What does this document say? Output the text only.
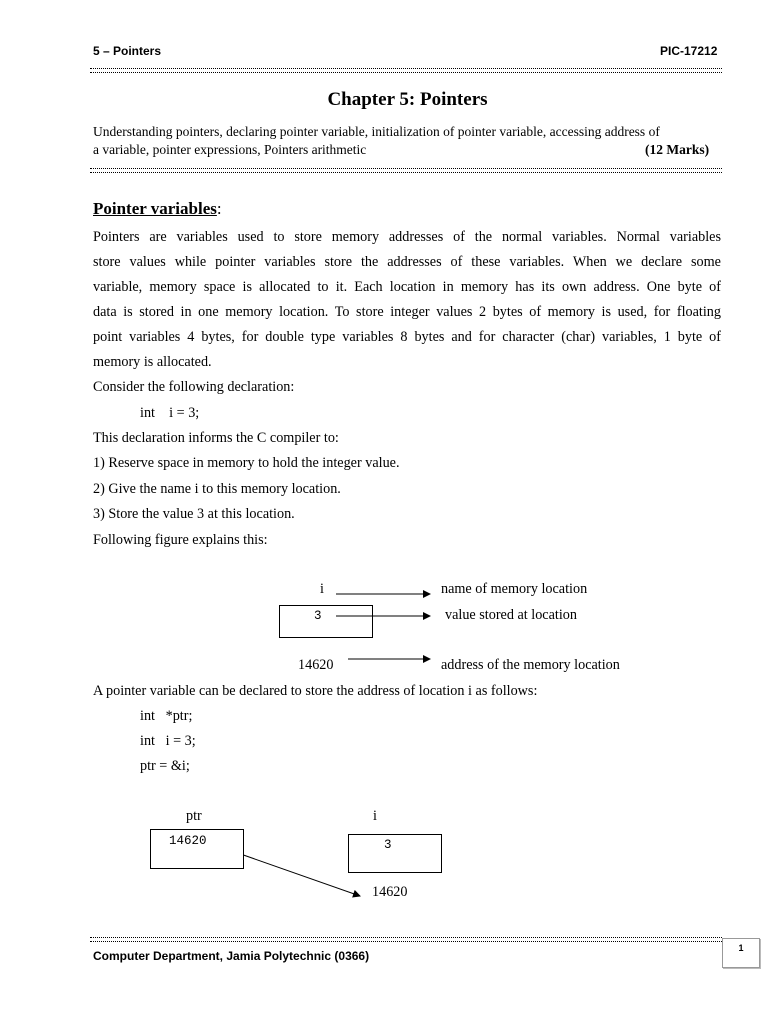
5 – Pointers	PIC-17212
Chapter 5: Pointers
Understanding pointers, declaring pointer variable, initialization of pointer variable, accessing address of
a variable, pointer expressions, Pointers arithmetic	(12 Marks)
Pointer variables:
Pointers are variables used to store memory addresses of the normal variables. Normal variables
store values while pointer variables store the addresses of these variables. When we declare some
variable, memory space is allocated to it. Each location in memory has its own address. One byte of
data is stored in one memory location. To store integer values 2 bytes of memory is used, for floating
point variables 4 bytes, for double type variables 8 bytes and for character (char) variables, 1 byte of
memory is allocated.
Consider the following declaration:
int    i = 3;
This declaration informs the C compiler to:
1) Reserve space in memory to hold the integer value.
2) Give the name i to this memory location.
3) Store the value 3 at this location.
Following figure explains this:
i
3
14620
name of memory location
value stored at location
address of the memory location
A pointer variable can be declared to store the address of location i as follows:
int   *ptr;
int   i = 3;
ptr = &i;
ptr	i
14620	3
14620
Computer Department, Jamia Polytechnic (0366)
1
